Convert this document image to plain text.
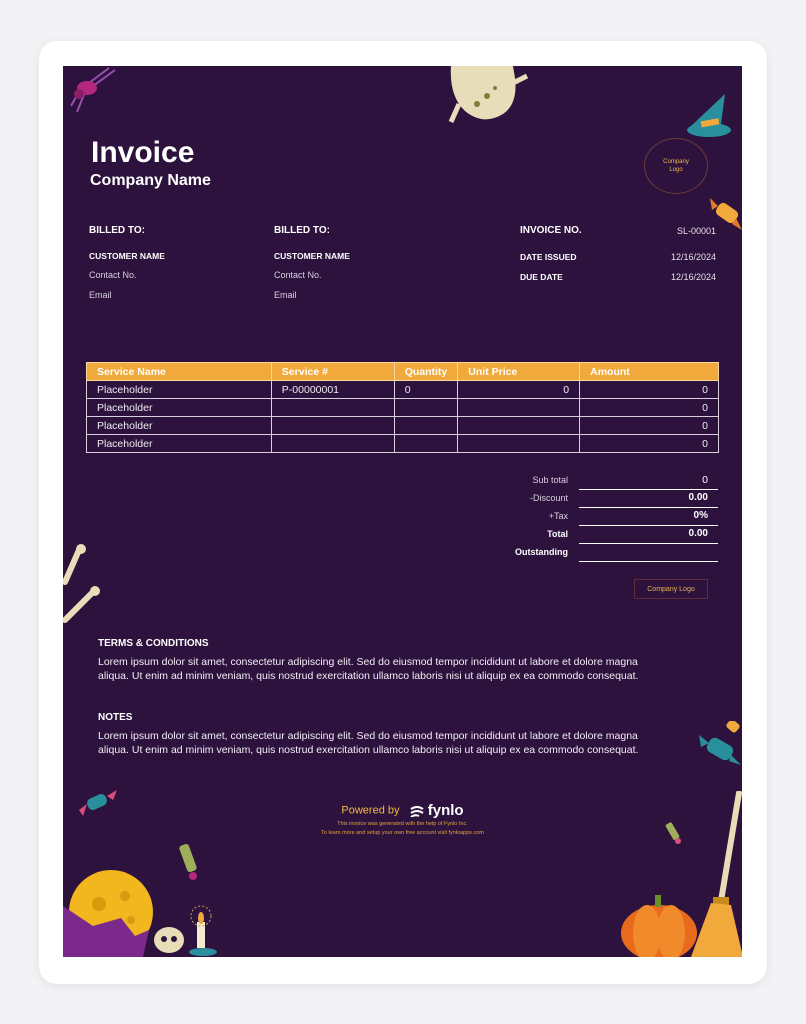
Invoice
Company Name
Company Logo
BILLED TO:
CUSTOMER NAME
Contact No.
Email
BILLED TO:
CUSTOMER NAME
Contact No.
Email
INVOICE NO.	SL-00001
DATE ISSUED	12/16/2024
DUE DATE	12/16/2024
Service Name	Service #	Quantity	Unit Price	Amount
Placeholder	P-00000001	0	0	0
Placeholder				0
Placeholder				0
Placeholder				0
Sub total	0
-Discount	0.00
+Tax	0%
Total	0.00
Outstanding
Company Logo
TERMS & CONDITIONS
Lorem ipsum dolor sit amet, consectetur adipiscing elit. Sed do eiusmod tempor incididunt ut labore et dolore magna aliqua. Ut enim ad minim veniam, quis nostrud exercitation ullamco laboris nisi ut aliquip ex ea commodo consequat.
NOTES
Lorem ipsum dolor sit amet, consectetur adipiscing elit. Sed do eiusmod tempor incididunt ut labore et dolore magna aliqua. Ut enim ad minim veniam, quis nostrud exercitation ullamco laboris nisi ut aliquip ex ea commodo consequat.
Powered by fynlo
This invoice was generated with the help of Fynlo Inc.
To learn more and setup your own free account visit fynloapps.com
